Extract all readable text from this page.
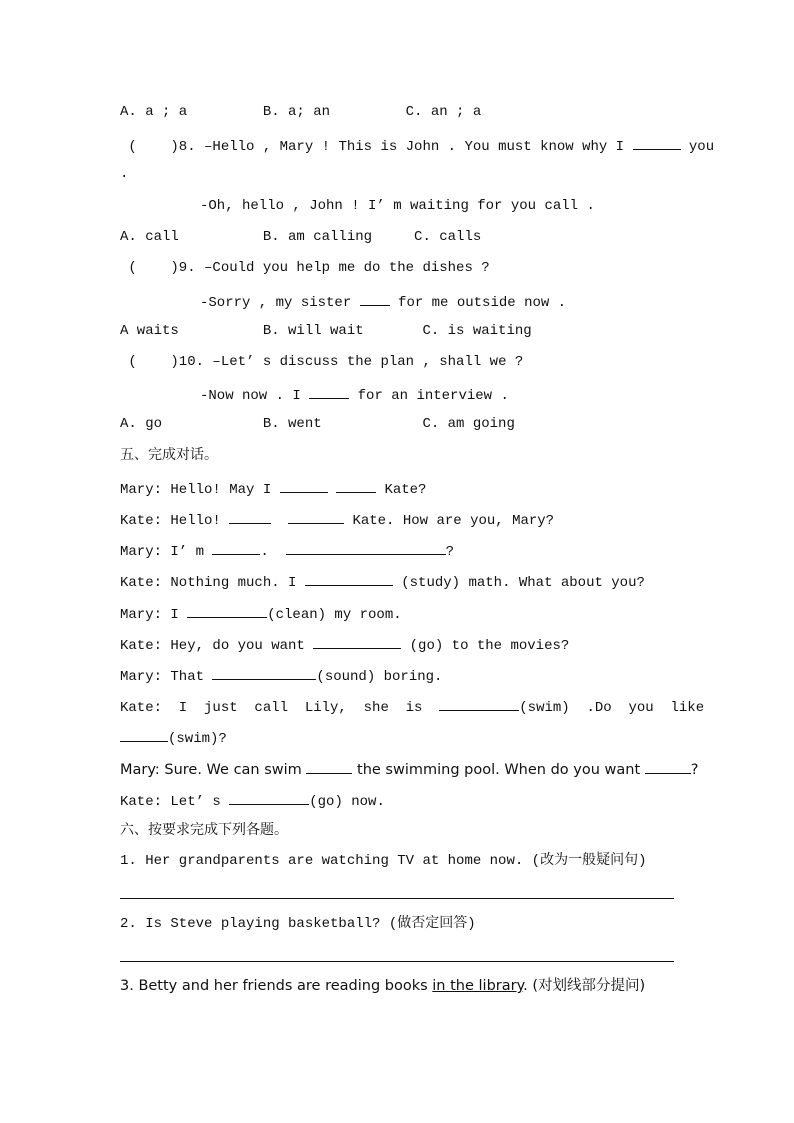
A. a ; a         B. a; an         C. an ; a
(    )8. –Hello , Mary ! This is John . You must know why I	you
.
-Oh, hello , John ! I’ m waiting for you call .
A. call          B. am calling     C. calls
(    )9. –Could you help me do the dishes ?
-Sorry , my sister	for me outside now .
A waits          B. will wait       C. is waiting
(    )10. –Let’ s discuss the plan , shall we ?
-Now now . I	for an interview .
A. go            B. went            C. am going
五、完成对话。
Mary: Hello! May I	Kate?
Kate: Hello!	Kate. How are you, Mary?
Mary: I’ m	.	?
Kate: Nothing much. I	(study) math. What about you?
Mary: I	(clean) my room.
Kate: Hey, do you want	(go) to the movies?
Mary: That	(sound) boring.
Kate:  I  just  call  Lily,  she  is	(swim)  .Do  you  like
(swim)?
Mary: Sure. We can swim	the swimming pool. When do you want	?
Kate: Let’ s	(go) now.
六、按要求完成下列各题。
1. Her grandparents are watching TV at home now. (改为一般疑问句)
2. Is Steve playing basketball? (做否定回答)
3. Betty and her friends are reading books in the library. (对划线部分提问)
